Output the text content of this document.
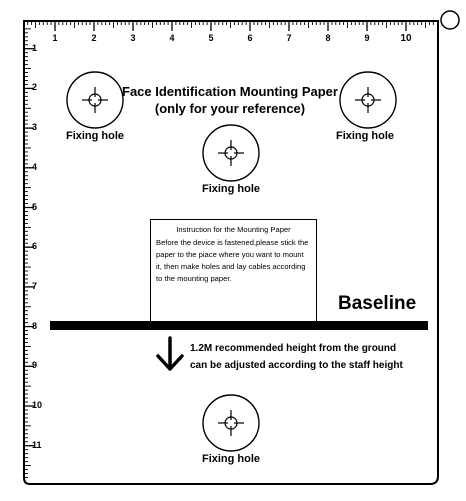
1	2	3	4	5	6	7	8	9	10
1
2
3
4
5
6
7
8
9
10
11
Face Identification Mounting Paper
(only for your reference)
Fixing hole	Fixing hole
Fixing hole
Fixing hole
Instruction for the Mounting Paper
Before the device is fastened,please stick the paper to the piace where you want to mount it, then make holes and lay cables according to the mounting paper.
Baseline
1.2M recommended height from the ground
can be adjusted according to the staff height
